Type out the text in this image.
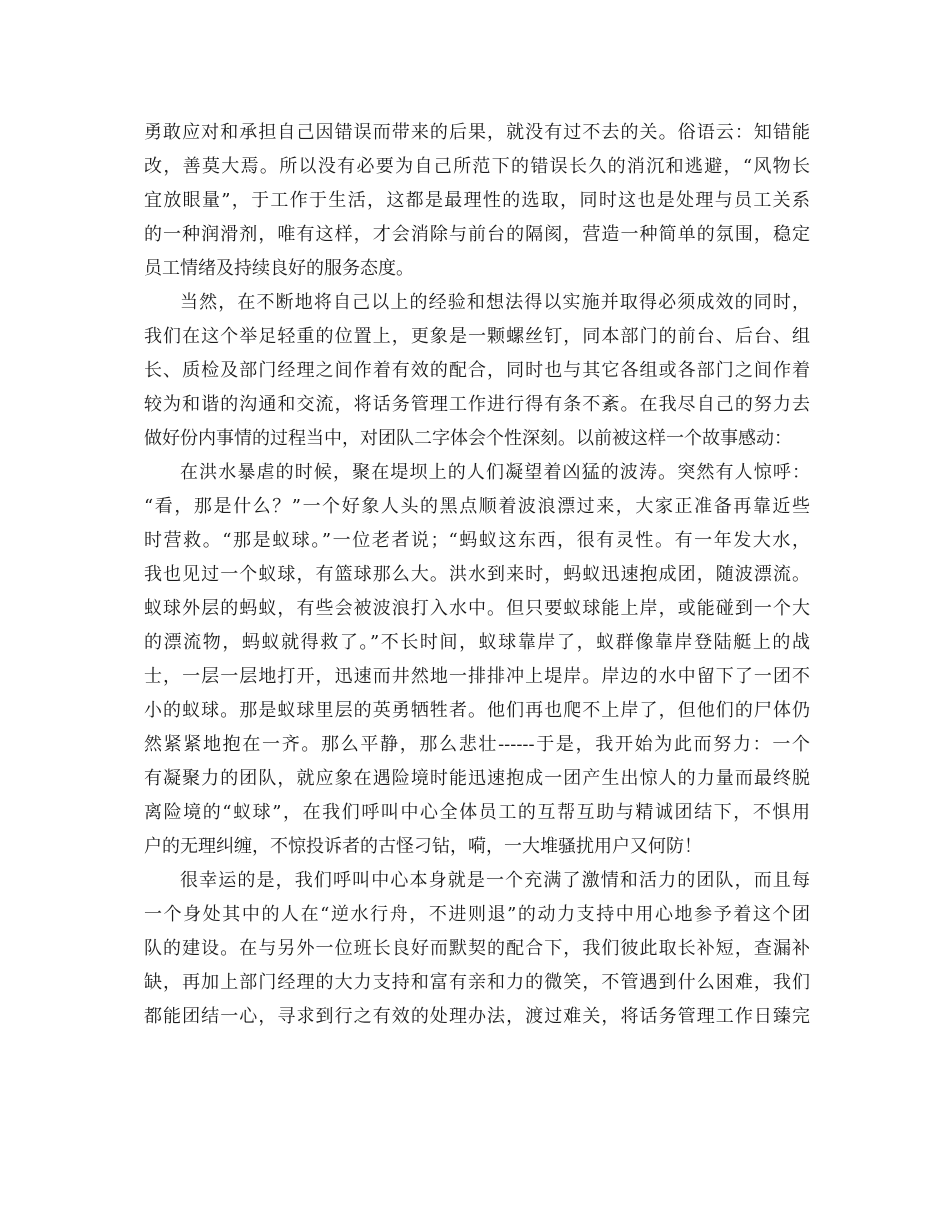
勇敢应对和承担自己因错误而带来的后果，就没有过不去的关。俗语云：知错能
改，善莫大焉。所以没有必要为自己所范下的错误长久的消沉和逃避，“风物长
宜放眼量”，于工作于生活，这都是最理性的选取，同时这也是处理与员工关系
的一种润滑剂，唯有这样，才会消除与前台的隔阂，营造一种简单的氛围，稳定
员工情绪及持续良好的服务态度。
当然，在不断地将自己以上的经验和想法得以实施并取得必须成效的同时，
我们在这个举足轻重的位置上，更象是一颗螺丝钉，同本部门的前台、后台、组
长、质检及部门经理之间作着有效的配合，同时也与其它各组或各部门之间作着
较为和谐的沟通和交流，将话务管理工作进行得有条不紊。在我尽自己的努力去
做好份内事情的过程当中，对团队二字体会个性深刻。以前被这样一个故事感动：
在洪水暴虐的时候，聚在堤坝上的人们凝望着凶猛的波涛。突然有人惊呼：
“看，那是什么？”一个好象人头的黑点顺着波浪漂过来，大家正准备再靠近些
时营救。“那是蚁球。”一位老者说；“蚂蚁这东西，很有灵性。有一年发大水，
我也见过一个蚁球，有篮球那么大。洪水到来时，蚂蚁迅速抱成团，随波漂流。
蚁球外层的蚂蚁，有些会被波浪打入水中。但只要蚁球能上岸，或能碰到一个大
的漂流物，蚂蚁就得救了。”不长时间，蚁球靠岸了，蚁群像靠岸登陆艇上的战
士，一层一层地打开，迅速而井然地一排排冲上堤岸。岸边的水中留下了一团不
小的蚁球。那是蚁球里层的英勇牺牲者。他们再也爬不上岸了，但他们的尸体仍
然紧紧地抱在一齐。那么平静，那么悲壮------于是，我开始为此而努力：一个
有凝聚力的团队，就应象在遇险境时能迅速抱成一团产生出惊人的力量而最终脱
离险境的“蚁球”，在我们呼叫中心全体员工的互帮互助与精诚团结下，不惧用
户的无理纠缠，不惊投诉者的古怪刁钻，嗬，一大堆骚扰用户又何防！
很幸运的是，我们呼叫中心本身就是一个充满了激情和活力的团队，而且每
一个身处其中的人在“逆水行舟，不进则退”的动力支持中用心地参予着这个团
队的建设。在与另外一位班长良好而默契的配合下，我们彼此取长补短，查漏补
缺，再加上部门经理的大力支持和富有亲和力的微笑，不管遇到什么困难，我们
都能团结一心，寻求到行之有效的处理办法，渡过难关，将话务管理工作日臻完
